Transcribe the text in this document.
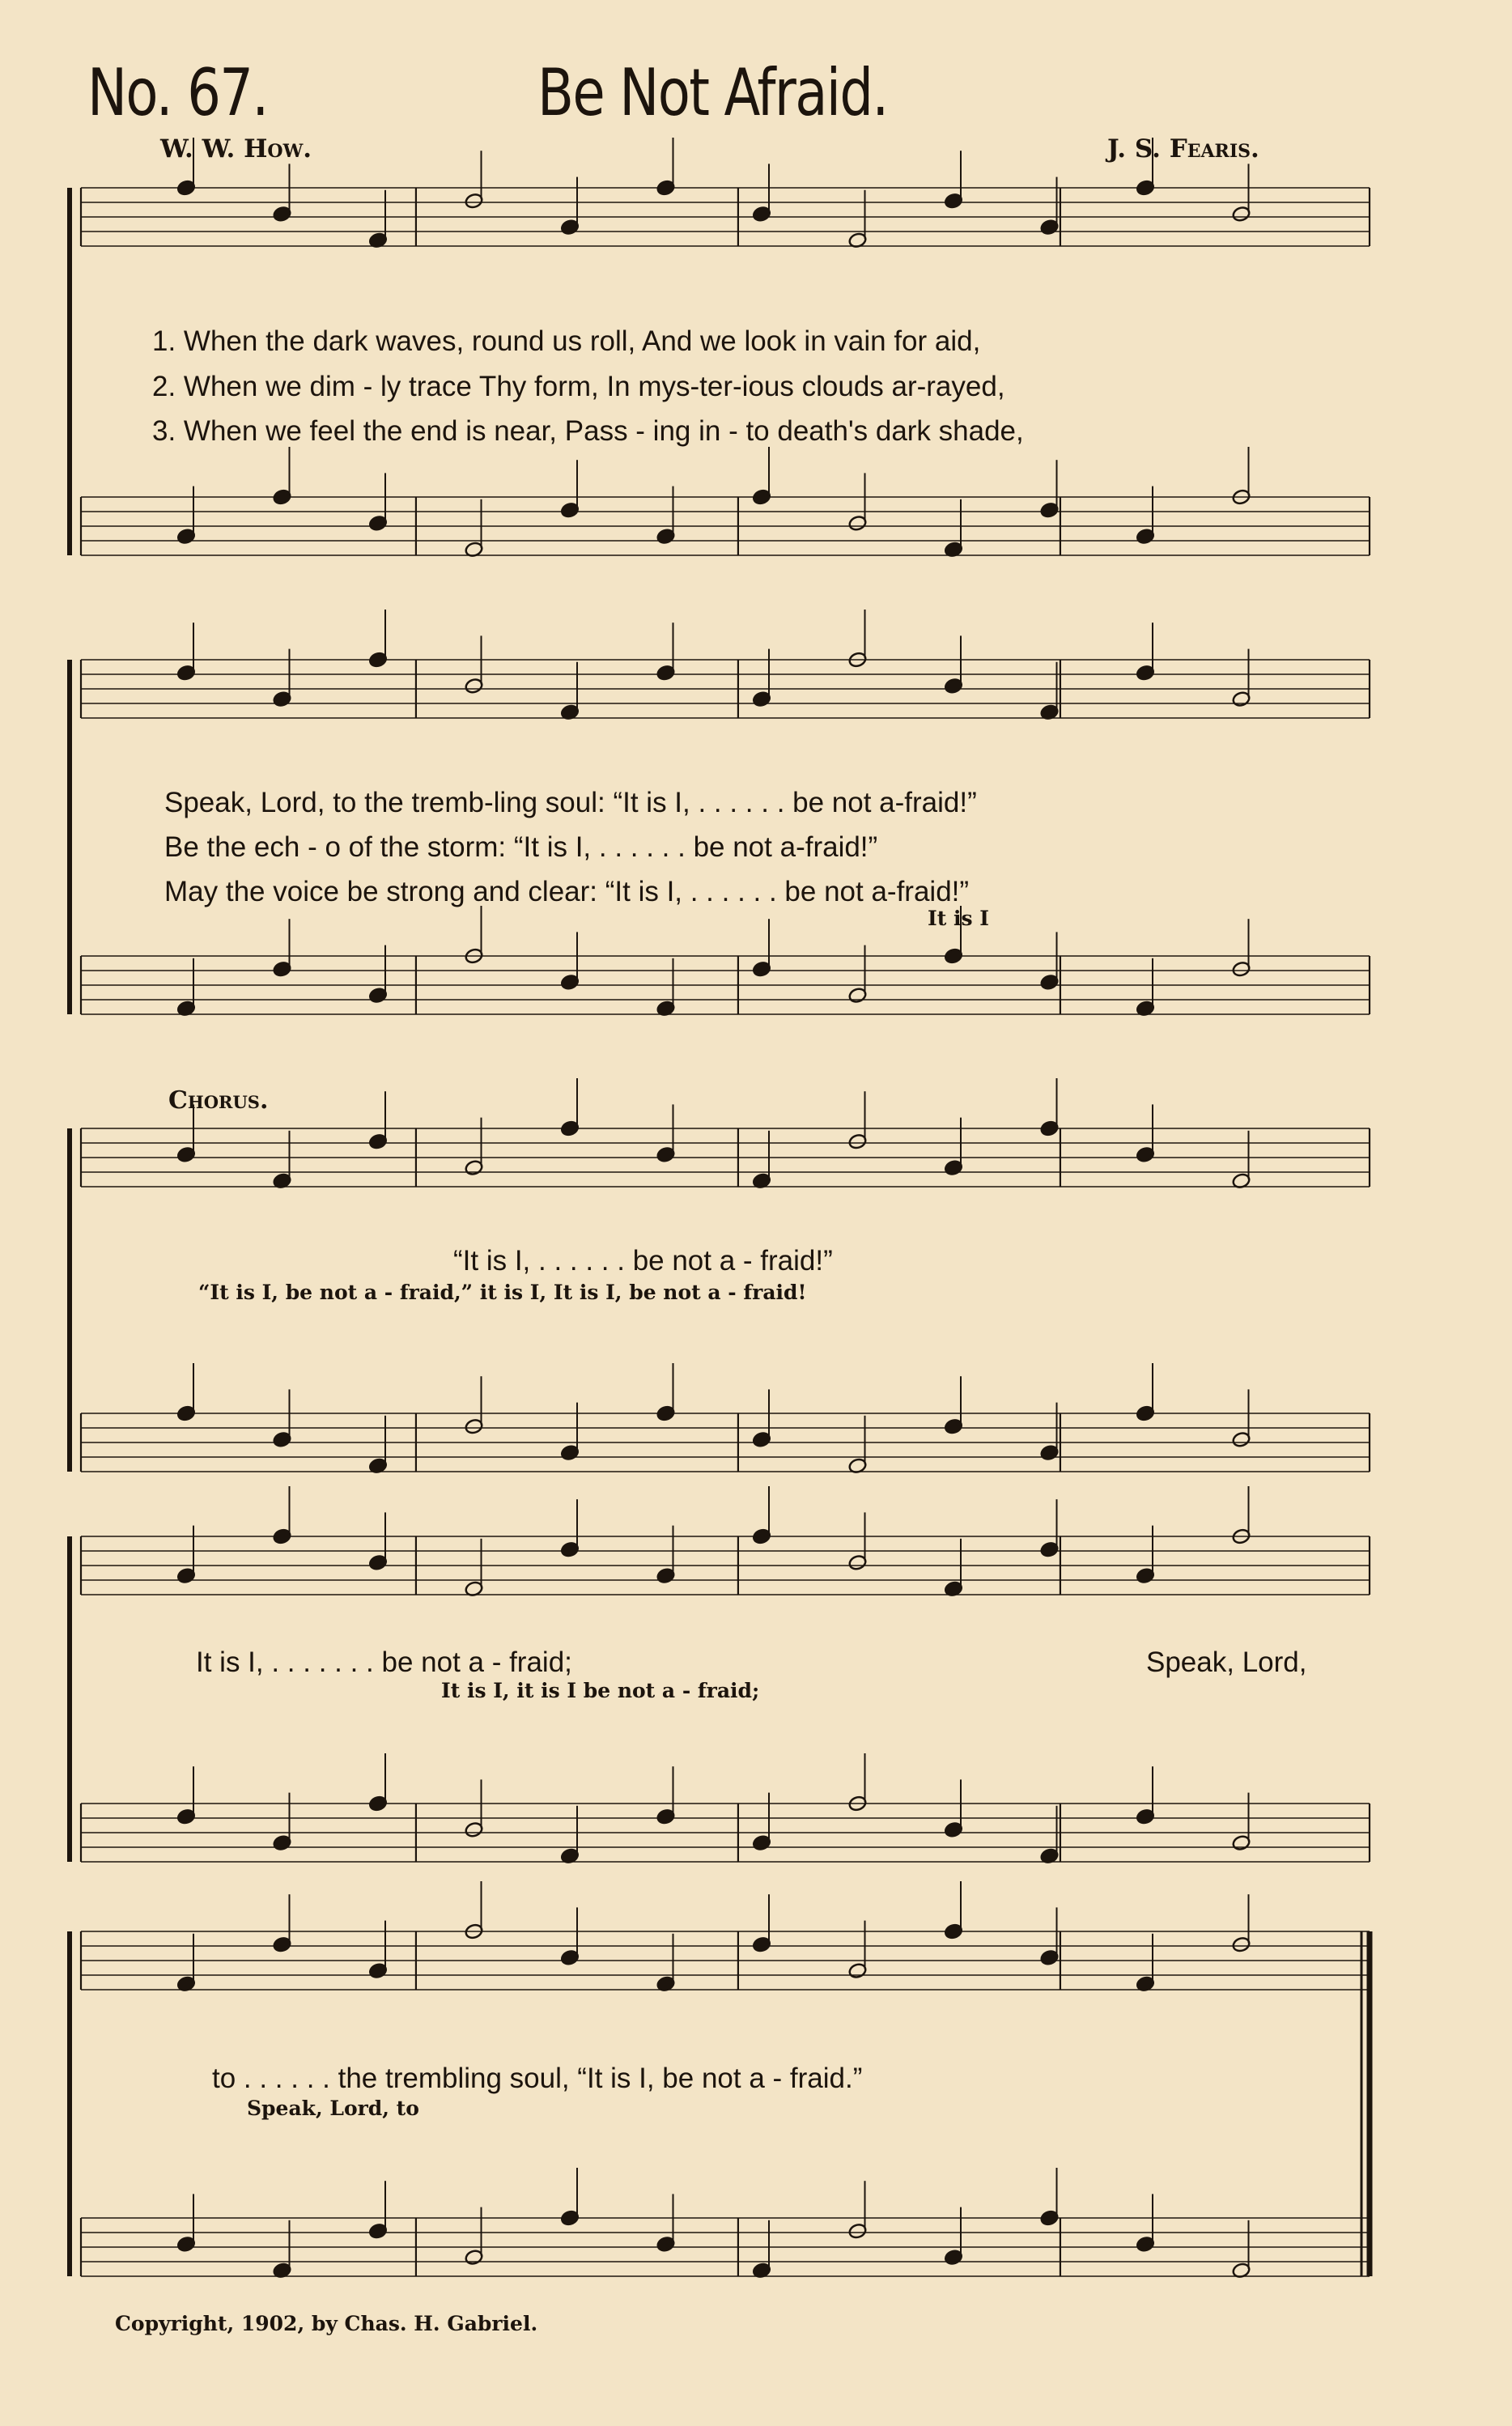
No. 67.	Be Not Afraid.
W. W. How.	J. S. Fearis.
1. When the dark waves, round us roll, And we look in vain for aid,
2. When we dim - ly trace Thy form, In mys-ter-ious clouds ar-rayed,
3. When we feel the end is near, Pass - ing in - to death's dark shade,
Speak, Lord, to the tremb-ling soul: “It is I, . . . . . . be not a-fraid!”
Be the ech - o of the storm: “It is I, . . . . . . be not a-fraid!”
May the voice be strong and clear: “It is I, . . . . . . be not a-fraid!”
It is I
Chorus.
“It is I, . . . . . . be not a - fraid!”
“It is I, be not a - fraid,” it is I, It is I, be not a - fraid!
It is I, . . . . . . . be not a - fraid;
It is I, it is I be not a - fraid;
Speak, Lord,
to . . . . . . the trembling soul, “It is I, be not a - fraid.”
Speak, Lord, to
Copyright, 1902, by Chas. H. Gabriel.
